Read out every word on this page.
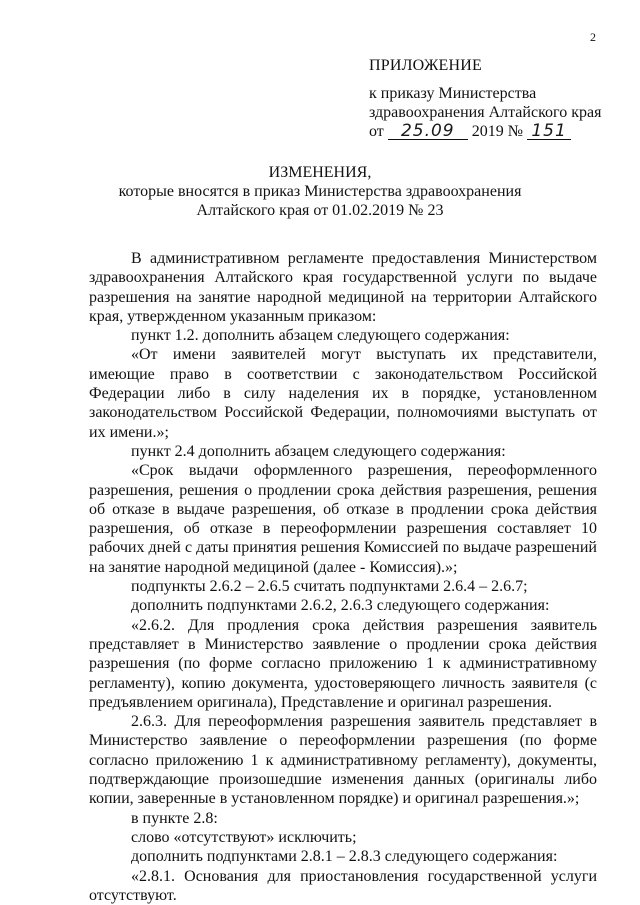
2
ПРИЛОЖЕНИЕ
к приказу Министерства
здравоохранения Алтайского края
от 25.09 2019 № 151
ИЗМЕНЕНИЯ,
которые вносятся в приказ Министерства здравоохранения
Алтайского края от 01.02.2019 № 23

В административном регламенте предоставления Министерством здравоохранения Алтайского края государственной услуги по выдаче разрешения на занятие народной медициной на территории Алтайского края, утвержденном указанным приказом:

пункт 1.2. дополнить абзацем следующего содержания:

«От имени заявителей могут выступать их представители, имеющие право в соответствии с законодательством Российской Федерации либо в силу наделения их в порядке, установленном законодательством Российской Федерации, полномочиями выступать от их имени.»;

пункт 2.4 дополнить абзацем следующего содержания:

«Срок выдачи оформленного разрешения, переоформленного разрешения, решения о продлении срока действия разрешения, решения об отказе в выдаче разрешения, об отказе в продлении срока действия разрешения, об отказе в переоформлении разрешения составляет 10 рабочих дней с даты принятия решения Комиссией по выдаче разрешений на занятие народной медициной (далее - Комиссия).»;

подпункты 2.6.2 – 2.6.5 считать подпунктами 2.6.4 – 2.6.7;

дополнить подпунктами 2.6.2, 2.6.3 следующего содержания:

«2.6.2. Для продления срока действия разрешения заявитель представляет в Министерство заявление о продлении срока действия разрешения (по форме согласно приложению 1 к административному регламенту), копию документа, удостоверяющего личность заявителя (с предъявлением оригинала), Представление и оригинал разрешения.

2.6.3. Для переоформления разрешения заявитель представляет в Министерство заявление о переоформлении разрешения (по форме согласно приложению 1 к административному регламенту), документы, подтверждающие произошедшие изменения данных (оригиналы либо копии, заверенные в установленном порядке) и оригинал разрешения.»;

в пункте 2.8:

слово «отсутствуют» исключить;

дополнить подпунктами 2.8.1 – 2.8.3 следующего содержания:

«2.8.1. Основания для приостановления государственной услуги отсутствуют.
